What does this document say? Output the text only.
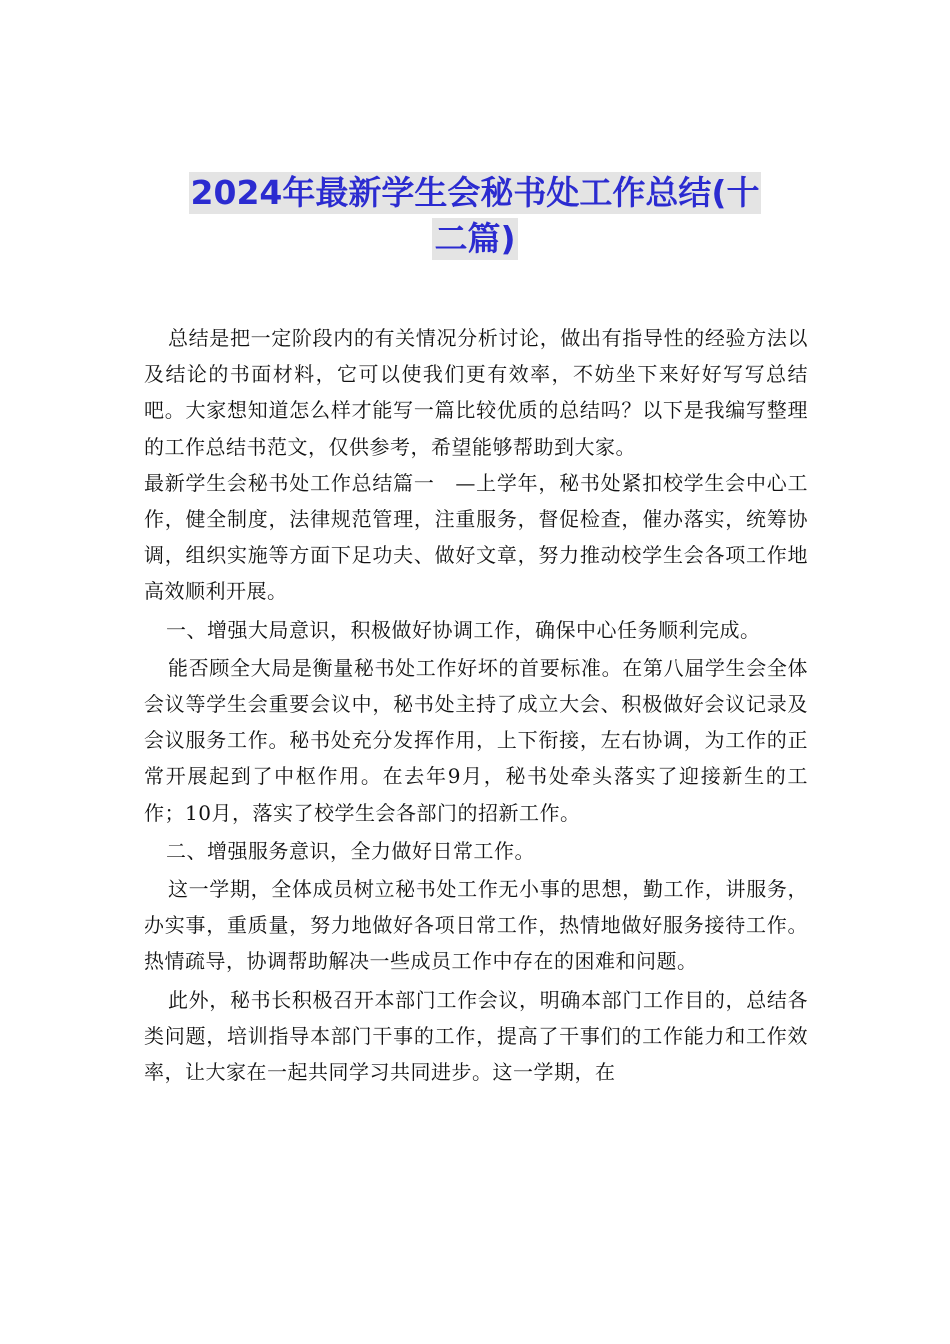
2024年最新学生会秘书处工作总结(十
二篇)

总结是把一定阶段内的有关情况分析讨论，做出有指导性的经验方法以及结论的书面材料，它可以使我们更有效率，不妨坐下来好好写写总结吧。大家想知道怎么样才能写一篇比较优质的总结吗？以下是我编写整理的工作总结书范文，仅供参考，希望能够帮助到大家。

最新学生会秘书处工作总结篇一　—上学年，秘书处紧扣校学生会中心工作，健全制度，法律规范管理，注重服务，督促检查，催办落实，统筹协调，组织实施等方面下足功夫、做好文章，努力推动校学生会各项工作地高效顺利开展。

一、增强大局意识，积极做好协调工作，确保中心任务顺利完成。

能否顾全大局是衡量秘书处工作好坏的首要标准。在第八届学生会全体会议等学生会重要会议中，秘书处主持了成立大会、积极做好会议记录及会议服务工作。秘书处充分发挥作用，上下衔接，左右协调，为工作的正常开展起到了中枢作用。在去年9月，秘书处牵头落实了迎接新生的工作；10月，落实了校学生会各部门的招新工作。

二、增强服务意识，全力做好日常工作。

这一学期，全体成员树立秘书处工作无小事的思想，勤工作，讲服务，办实事，重质量，努力地做好各项日常工作，热情地做好服务接待工作。热情疏导，协调帮助解决一些成员工作中存在的困难和问题。

此外，秘书长积极召开本部门工作会议，明确本部门工作目的，总结各类问题，培训指导本部门干事的工作，提高了干事们的工作能力和工作效率，让大家在一起共同学习共同进步。这一学期，在
